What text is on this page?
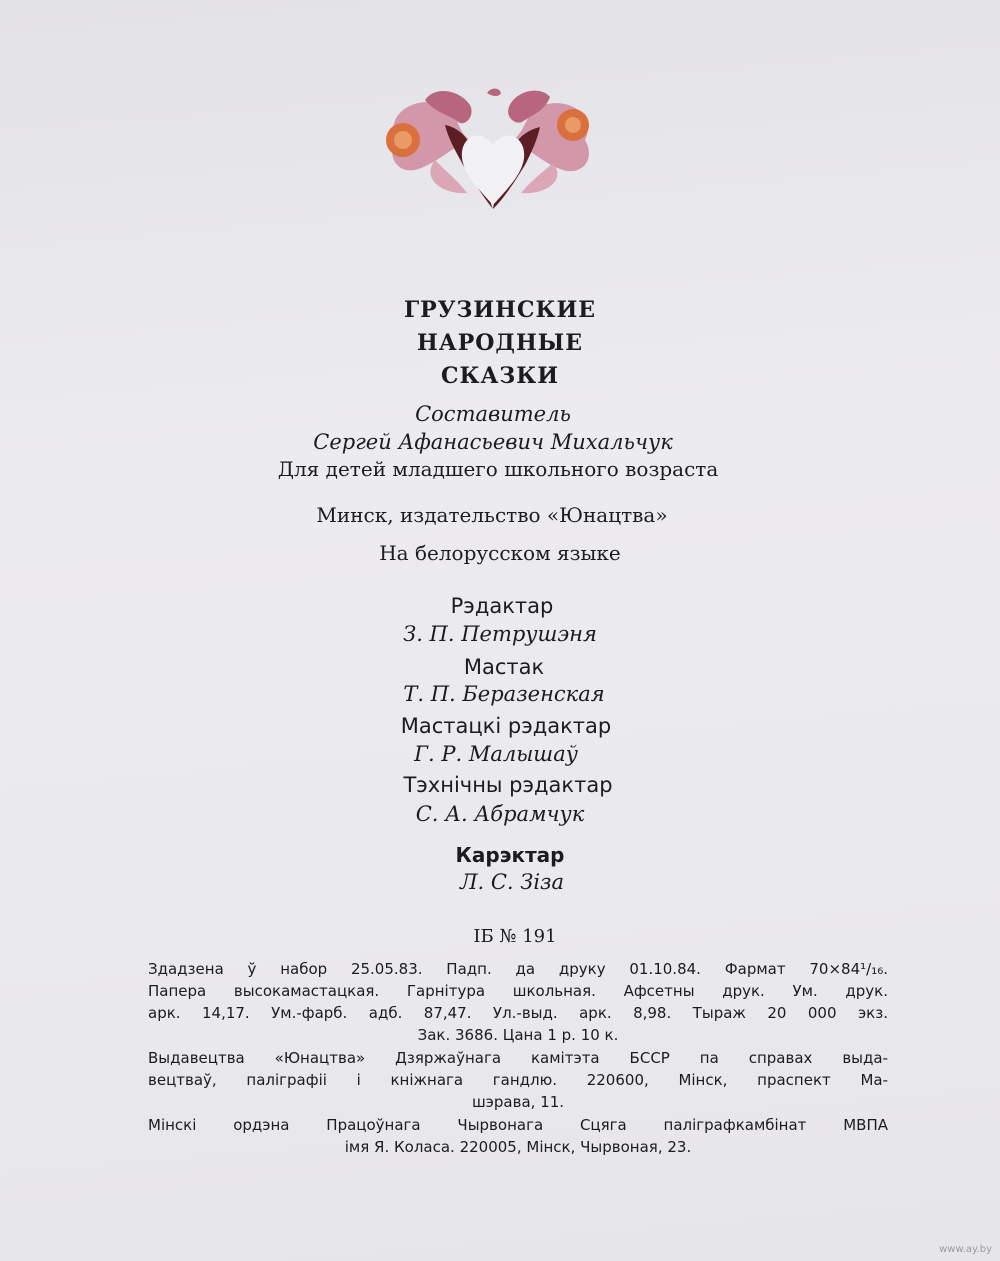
ГРУЗИНСКИЕ
НАРОДНЫЕ
СКАЗКИ
Составитель
Сергей Афанасьевич Михальчук
Для детей младшего школьного возраста
Минск, издательство «Юнацтва»
На белорусском языке
Рэдактар
З. П. Петрушэня
Мастак
Т. П. Беразенская
Мастацкі рэдактар
Г. Р. Малышаў
Тэхнічны рэдактар
С. А. Абрамчук
Карэктар
Л. С. Зіза
ІБ № 191
Здадзена ў набор 25.05.83. Падп. да друку 01.10.84. Фармат 70×84¹/₁₆.
Папера высокамастацкая. Гарнітура школьная. Афсетны друк. Ум. друк.
арк. 14,17. Ум.-фарб. адб. 87,47. Ул.-выд. арк. 8,98. Тыраж 20 000 экз.
Зак. 3686. Цана 1 р. 10 к.
Выдавецтва «Юнацтва» Дзяржаўнага камітэта БССР па справах выда-
вецтваў, паліграфіі і кніжнага гандлю. 220600, Мінск, праспект Ма-
шэрава, 11.
Мінскі ордэна Працоўнага Чырвонага Сцяга паліграфкамбінат МВПА
імя Я. Коласа. 220005, Мінск, Чырвоная, 23.
www.ay.by
